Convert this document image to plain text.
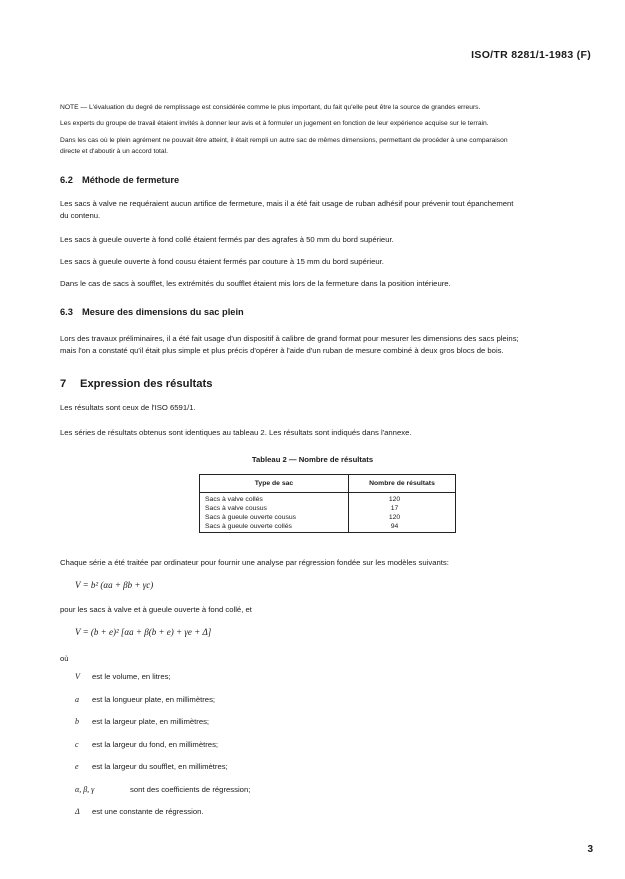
ISO/TR 8281/1-1983 (F)
NOTE — L'évaluation du degré de remplissage est considérée comme le plus important, du fait qu'elle peut être la source de grandes erreurs.
Les experts du groupe de travail étaient invités à donner leur avis et à formuler un jugement en fonction de leur expérience acquise sur le terrain.
Dans les cas où le plein agrément ne pouvait être atteint, il était rempli un autre sac de mêmes dimensions, permettant de procéder à une comparaison
directe et d'aboutir à un accord total.
6.2 Méthode de fermeture
Les sacs à valve ne requéraient aucun artifice de fermeture, mais il a été fait usage de ruban adhésif pour prévenir tout épanchement
du contenu.
Les sacs à gueule ouverte à fond collé étaient fermés par des agrafes à 50 mm du bord supérieur.
Les sacs à gueule ouverte à fond cousu étaient fermés par couture à 15 mm du bord supérieur.
Dans le cas de sacs à soufflet, les extrémités du soufflet étaient mis lors de la fermeture dans la position intérieure.
6.3 Mesure des dimensions du sac plein
Lors des travaux préliminaires, il a été fait usage d'un dispositif à calibre de grand format pour mesurer les dimensions des sacs pleins;
mais l'on a constaté qu'il était plus simple et plus précis d'opérer à l'aide d'un ruban de mesure combiné à deux gros blocs de bois.
7 Expression des résultats
Les résultats sont ceux de l'ISO 6591/1.
Les séries de résultats obtenus sont identiques au tableau 2. Les résultats sont indiqués dans l'annexe.
Tableau 2 — Nombre de résultats
Type de sac	Nombre de résultats
Sacs à valve collés	120
Sacs à valve cousus	17
Sacs à gueule ouverte cousus	120
Sacs à gueule ouverte collés	94
Chaque série a été traitée par ordinateur pour fournir une analyse par régression fondée sur les modèles suivants:
V = b² (αa + βb + γc)
pour les sacs à valve et à gueule ouverte à fond collé, et
V = (b + e)² [αa + β(b + e) + γe + Δ]
où
V est le volume, en litres;
a est la longueur plate, en millimètres;
b est la largeur plate, en millimètres;
c est la largeur du fond, en millimètres;
e est la largeur du soufflet, en millimètres;
α, β, γ	sont des coefficients de régression;
Δ est une constante de régression.
3
